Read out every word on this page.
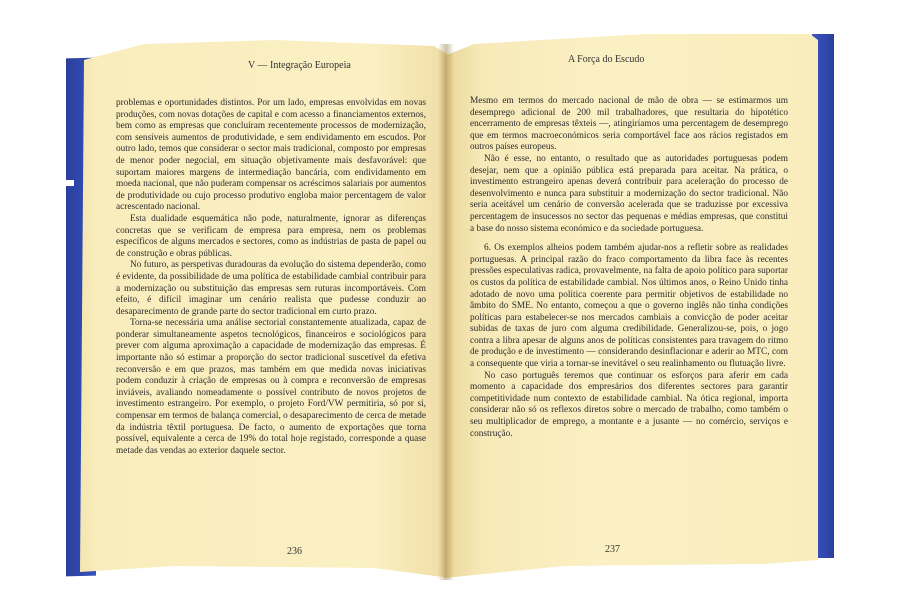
V — Integração Europeia
A Força do Escudo

problemas e oportunidades distintos. Por um lado, empresas envolvidas em novas produções, com novas dotações de capital e com acesso a financiamentos externos, bem como as empresas que concluíram recentemente processos de modernização, com sensíveis aumentos de produtividade, e sem endividamento em escudos. Por outro lado, temos que considerar o sector mais tradicional, composto por empresas de menor poder negocial, em situação objetivamente mais desfavorável: que suportam maiores margens de intermediação bancária, com endividamento em moeda nacional, que não puderam compensar os acréscimos salariais por aumentos de produtividade ou cujo processo produtivo engloba maior percentagem de valor acrescentado nacional.

Esta dualidade esquemática não pode, naturalmente, ignorar as diferenças concretas que se verificam de empresa para empresa, nem os problemas específicos de alguns mercados e sectores, como as indústrias de pasta de papel ou de construção e obras públicas.

No futuro, as perspetivas duradouras da evolução do sistema dependerão, como é evidente, da possibilidade de uma política de estabilidade cambial contribuir para a modernização ou substituição das empresas sem ruturas incomportáveis. Com efeito, é difícil imaginar um cenário realista que pudesse conduzir ao desaparecimento de grande parte do sector tradicional em curto prazo.

Torna-se necessária uma análise sectorial constantemente atualizada, capaz de ponderar simultaneamente aspetos tecnológicos, financeiros e sociológicos para prever com alguma aproximação a capacidade de modernização das empresas. É importante não só estimar a proporção do sector tradicional suscetível da efetiva reconversão e em que prazos, mas também em que medida novas iniciativas podem conduzir à criação de empresas ou à compra e reconversão de empresas inviáveis, avaliando nomeadamente o possível contributo de novos projetos de investimento estrangeiro. Por exemplo, o projeto Ford/VW permitiria, só por si, compensar em termos de balança comercial, o desaparecimento de cerca de metade da indústria têxtil portuguesa. De facto, o aumento de exportações que torna possível, equivalente a cerca de 19% do total hoje registado, corresponde a quase metade das vendas ao exterior daquele sector.

Mesmo em termos do mercado nacional de mão de obra — se estimarmos um desemprego adicional de 200 mil trabalhadores, que resultaria do hipotético encerramento de empresas têxteis —, atingiríamos uma percentagem de desemprego que em termos macroeconómicos seria comportável face aos rácios registados em outros países europeus.

Não é esse, no entanto, o resultado que as autoridades portuguesas podem desejar, nem que a opinião pública está preparada para aceitar. Na prática, o investimento estrangeiro apenas deverá contribuir para aceleração do processo de desenvolvimento e nunca para substituir a modernização do sector tradicional. Não seria aceitável um cenário de conversão acelerada que se traduzisse por excessiva percentagem de insucessos no sector das pequenas e médias empresas, que constitui a base do nosso sistema económico e da sociedade portuguesa.

6. Os exemplos alheios podem também ajudar-nos a refletir sobre as realidades portuguesas. A principal razão do fraco comportamento da libra face às recentes pressões especulativas radica, provavelmente, na falta de apoio político para suportar os custos da política de estabilidade cambial. Nos últimos anos, o Reino Unido tinha adotado de novo uma política coerente para permitir objetivos de estabilidade no âmbito do SME. No entanto, começou a que o governo inglês não tinha condições políticas para estabelecer-se nos mercados cambiais a convicção de poder aceitar subidas de taxas de juro com alguma credibilidade. Generalizou-se, pois, o jogo contra a libra apesar de alguns anos de políticas consistentes para travagem do ritmo de produção e de investimento — considerando desinflacionar e aderir ao MTC, com a consequente que viria a tornar-se inevitável o seu realinhamento ou flutuação livre.

No caso português teremos que continuar os esforços para aferir em cada momento a capacidade dos empresários dos diferentes sectores para garantir competitividade num contexto de estabilidade cambial. Na ótica regional, importa considerar não só os reflexos diretos sobre o mercado de trabalho, como também o seu multiplicador de emprego, a montante e a jusante — no comércio, serviços e construção.

236	237
